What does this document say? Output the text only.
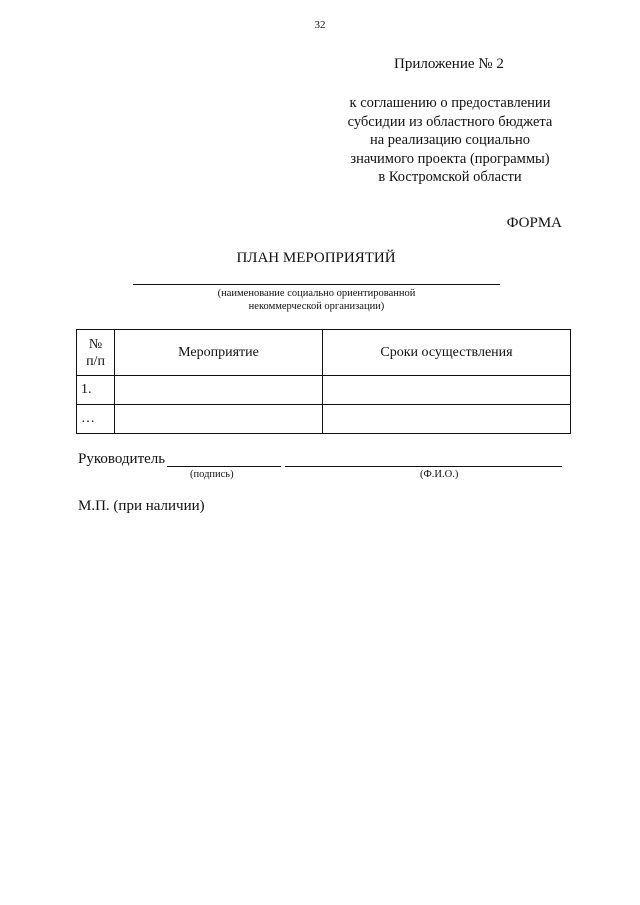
32
Приложение № 2
к соглашению о предоставлении
субсидии из областного бюджета
на реализацию социально
значимого проекта (программы)
в Костромской области
ФОРМА
ПЛАН МЕРОПРИЯТИЙ
(наименование социально ориентированной
некоммерческой организации)
№
п/п	Мероприятие	Сроки осуществления
1.		
…		
Руководитель
(подпись)	(Ф.И.О.)
М.П. (при наличии)
